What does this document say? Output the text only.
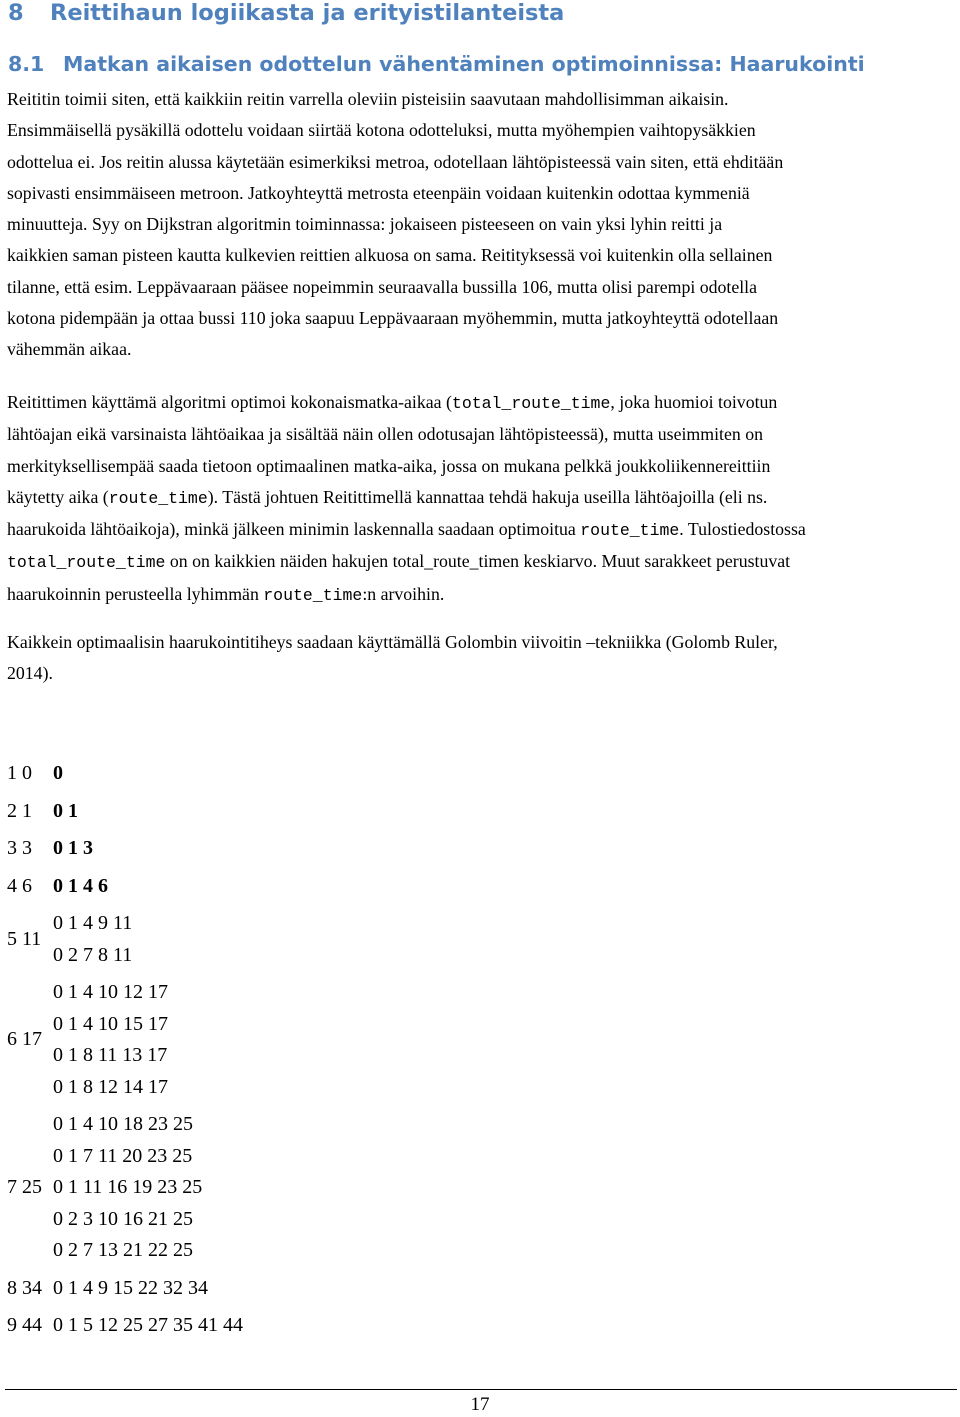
8 Reittihaun logiikasta ja erityistilanteista
8.1 Matkan aikaisen odottelun vähentäminen optimoinnissa: Haarukointi
Reititin toimii siten, että kaikkiin reitin varrella oleviin pisteisiin saavutaan mahdollisimman aikaisin.
Ensimmäisellä pysäkillä odottelu voidaan siirtää kotona odotteluksi, mutta myöhempien vaihtopysäkkien
odottelua ei. Jos reitin alussa käytetään esimerkiksi metroa, odotellaan lähtöpisteessä vain siten, että ehditään
sopivasti ensimmäiseen metroon. Jatkoyhteyttä metrosta eteenpäin voidaan kuitenkin odottaa kymmeniä
minuutteja. Syy on Dijkstran algoritmin toiminnassa: jokaiseen pisteeseen on vain yksi lyhin reitti ja
kaikkien saman pisteen kautta kulkevien reittien alkuosa on sama. Reitityksessä voi kuitenkin olla sellainen
tilanne, että esim. Leppävaaraan pääsee nopeimmin seuraavalla bussilla 106, mutta olisi parempi odotella
kotona pidempään ja ottaa bussi 110 joka saapuu Leppävaaraan myöhemmin, mutta jatkoyhteyttä odotellaan
vähemmän aikaa.
Reitittimen käyttämä algoritmi optimoi kokonaismatka-aikaa (total_route_time, joka huomioi toivotun
lähtöajan eikä varsinaista lähtöaikaa ja sisältää näin ollen odotusajan lähtöpisteessä), mutta useimmiten on
merkityksellisempää saada tietoon optimaalinen matka-aika, jossa on mukana pelkkä joukkoliikennereittiin
käytetty aika (route_time). Tästä johtuen Reitittimellä kannattaa tehdä hakuja useilla lähtöajoilla (eli ns.
haarukoida lähtöaikoja), minkä jälkeen minimin laskennalla saadaan optimoitua route_time. Tulostiedostossa
total_route_time on on kaikkien näiden hakujen total_route_timen keskiarvo. Muut sarakkeet perustuvat
haarukoinnin perusteella lyhimmän route_time:n arvoihin.
Kaikkein optimaalisin haarukointitiheys saadaan käyttämällä Golombin viivoitin –tekniikka (Golomb Ruler,
2014).
1 0 0
2 1 0 1
3 3 0 1 3
4 6 0 1 4 6
5 11
0 1 4 9 11
0 2 7 8 11
6 17
0 1 4 10 12 17
0 1 4 10 15 17
0 1 8 11 13 17
0 1 8 12 14 17
7 25
0 1 4 10 18 23 25
0 1 7 11 20 23 25
0 1 11 16 19 23 25
0 2 3 10 16 21 25
0 2 7 13 21 22 25
8 34 0 1 4 9 15 22 32 34
9 44 0 1 5 12 25 27 35 41 44
17
